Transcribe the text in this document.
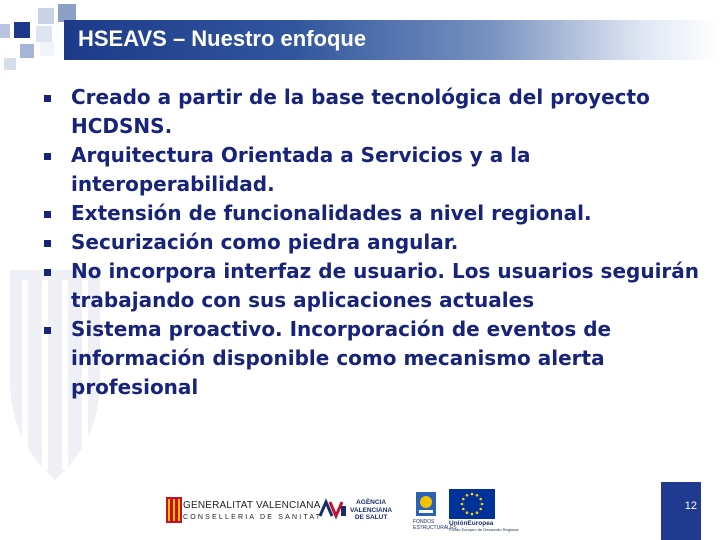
HSEAVS – Nuestro enfoque
Creado a partir de la base tecnológica del proyecto HCDSNS.
Arquitectura Orientada a Servicios y a la interoperabilidad.
Extensión de funcionalidades a nivel regional.
Securización como piedra angular.
No incorpora interfaz de usuario. Los usuarios seguirán trabajando con sus aplicaciones actuales
Sistema proactivo. Incorporación de eventos de información disponible como mecanismo alerta profesional
GENERALITAT VALENCIANA
CONSELLERIA DE SANITAT
AGÈNCIA
VALENCIANA
DE SALUT
FONDOS
ESTRUCTURALES
UniónEuropea
Fondo Europeo de Desarrollo Regional
12
